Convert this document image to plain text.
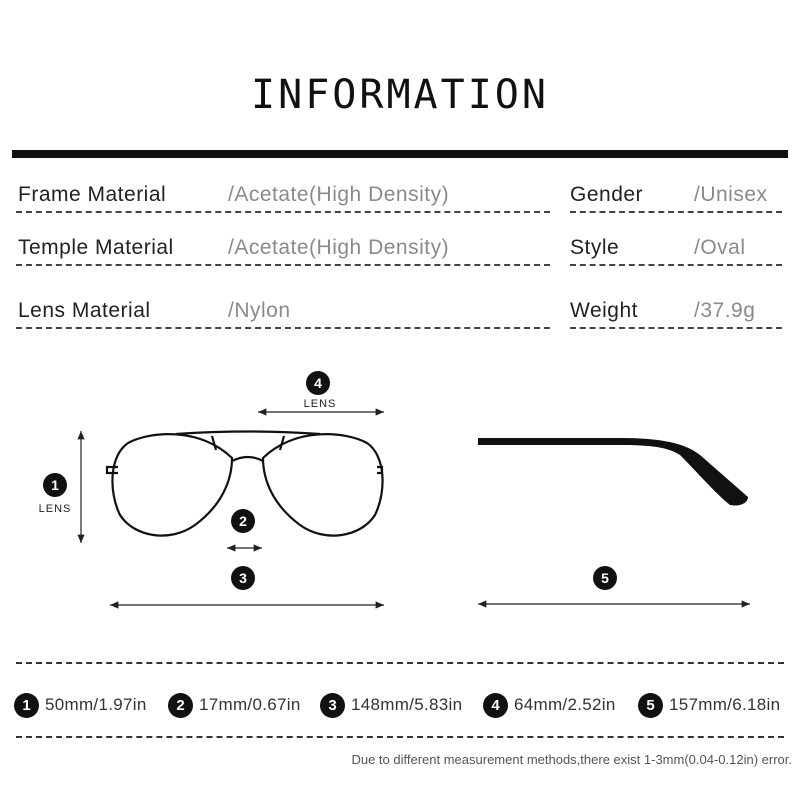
INFORMATION
Frame Material	/Acetate(High Density)	Gender /Unisex
Temple Material	/Acetate(High Density)	Style	/Oval
Lens Material	/Nylon	Weight	/37.9g
1
LENS
4
LENS
2
3	5
1 50mm/1.97in	2 17mm/0.67in	3 148mm/5.83in	4 64mm/2.52in	5 157mm/6.18in
Due to different measurement methods,there exist 1-3mm(0.04-0.12in) error.
